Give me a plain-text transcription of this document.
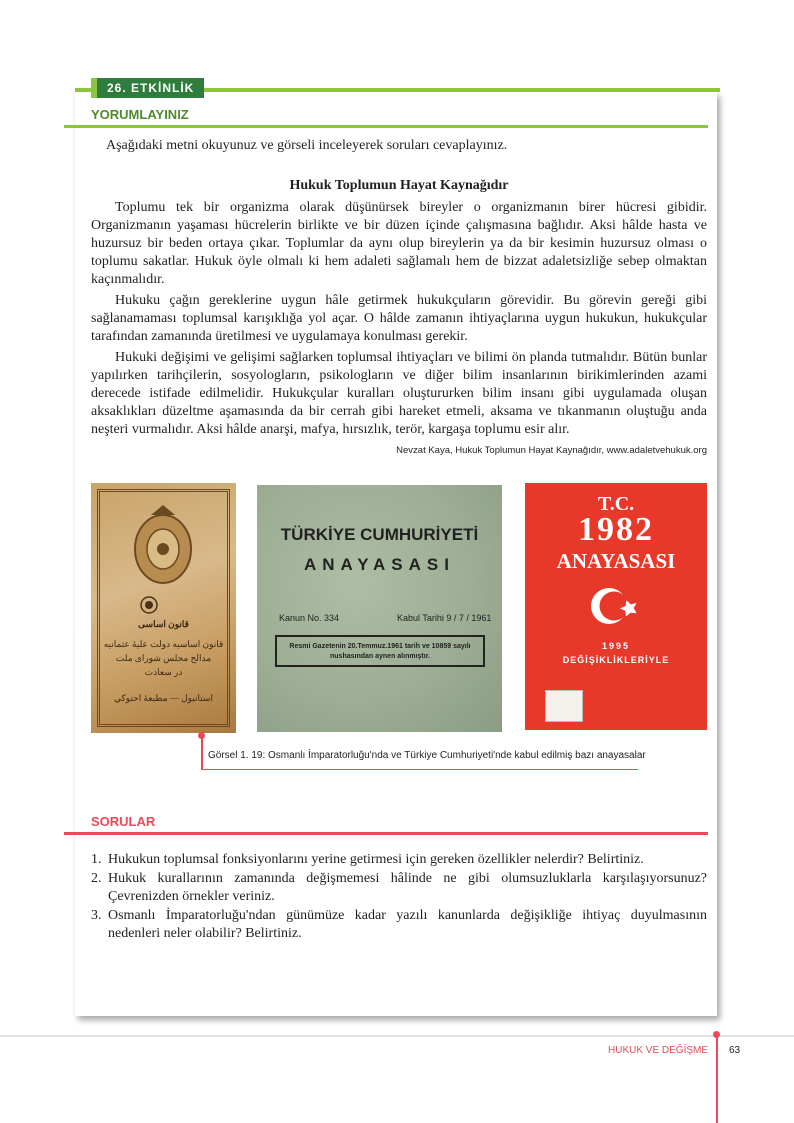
26. ETKİNLİK
YORUMLAYINIZ
Aşağıdaki metni okuyunuz ve görseli inceleyerek soruları cevaplayınız.
Hukuk Toplumun Hayat Kaynağıdır

Toplumu tek bir organizma olarak düşünürsek bireyler o organizmanın birer hücresi gibidir. Organizmanın yaşaması hücrelerin birlikte ve bir düzen içinde çalışmasına bağlıdır. Aksi hâlde hasta ve huzursuz bir beden ortaya çıkar. Toplumlar da aynı olup bireylerin ya da bir kesimin huzursuz olması o toplumu sakatlar. Hukuk öyle olmalı ki hem adaleti sağlamalı hem de bizzat adaletsizliğe sebep olmaktan kaçınmalıdır.

Hukuku çağın gereklerine uygun hâle getirmek hukukçuların görevidir. Bu görevin gereği gibi sağlanamaması toplumsal karışıklığa yol açar. O hâlde zamanın ihtiyaçlarına uygun hukukun, hukukçular tarafından zamanında üretilmesi ve uygulamaya konulması gerekir.

Hukuki değişimi ve gelişimi sağlarken toplumsal ihtiyaçları ve bilimi ön planda tutmalıdır. Bütün bunlar yapılırken tarihçilerin, sosyologların, psikologların ve diğer bilim insanlarının birikimlerinden azami derecede istifade edilmelidir. Hukukçular kuralları oluştururken bilim insanı gibi uygulamada oluşan aksaklıkları düzeltme aşamasında da bir cerrah gibi hareket etmeli, aksama ve tıkanmanın oluştuğu anda neşteri vurmalıdır. Aksi hâlde anarşi, mafya, hırsızlık, terör, kargaşa toplumu esir alır.

Nevzat Kaya, Hukuk Toplumun Hayat Kaynağıdır, www.adaletvehukuk.org
قانون اساسی
قانون اساسيه دولت عليهٔ عثمانيه
مدالح مجلس شوراى ملت
در سعادت
استانبول — مطبعهٔ احتوكي
TÜRKİYE CUMHURİYETİ
ANAYASASI
Kanun No. 334	Kabul Tarihi 9 / 7 / 1961
Resmi Gazetenin 20.Temmuz.1961 tarih ve 10859 sayılı nushasından aynen alınmıştır.
T.C.
1982
ANAYASASI
1995
DEĞİŞİKLİKLERİYLE
Görsel 1. 19: Osmanlı İmparatorluğu'nda ve Türkiye Cumhuriyeti'nde kabul edilmiş bazı anayasalar
SORULAR
1. Hukukun toplumsal fonksiyonlarını yerine getirmesi için gereken özellikler nelerdir? Belirtiniz.
2. Hukuk kurallarının zamanında değişmemesi hâlinde ne gibi olumsuzluklarla karşılaşıyorsunuz? Çevrenizden örnekler veriniz.
3. Osmanlı İmparatorluğu'ndan günümüze kadar yazılı kanunlarda değişikliğe ihtiyaç duyulmasının nedenleri neler olabilir? Belirtiniz.
HUKUK VE DEĞİŞME 63
